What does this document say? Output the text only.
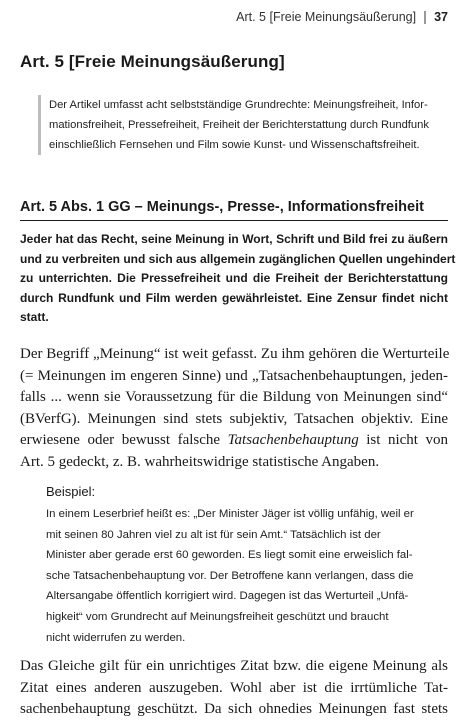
Art. 5 [Freie Meinungsäußerung] 37
Art. 5 [Freie Meinungsäußerung]
Der Artikel umfasst acht selbstständige Grundrechte: Meinungsfreiheit, Infor-
mationsfreiheit, Pressefreiheit, Freiheit der Berichterstattung durch Rundfunk
einschließlich Fernsehen und Film sowie Kunst- und Wissenschaftsfreiheit.
Art. 5 Abs. 1 GG – Meinungs-, Presse-, Informationsfreiheit
Jeder hat das Recht, seine Meinung in Wort, Schrift und Bild frei zu äußern
und zu verbreiten und sich aus allgemein zugänglichen Quellen ungehindert
zu unterrichten. Die Pressefreiheit und die Freiheit der Berichterstattung
durch Rundfunk und Film werden gewährleistet. Eine Zensur findet nicht
statt.
Der Begriff „Meinung“ ist weit gefasst. Zu ihm gehören die Werturteile
(= Meinungen im engeren Sinne) und „Tatsachenbehauptungen, jeden-
falls ... wenn sie Voraussetzung für die Bildung von Meinungen sind“
(BVerfG). Meinungen sind stets subjektiv, Tatsachen objektiv. Eine
erwiesene oder bewusst falsche Tatsachenbehauptung ist nicht von
Art. 5 gedeckt, z. B. wahrheitswidrige statistische Angaben.
Beispiel:
In einem Leserbrief heißt es: „Der Minister Jäger ist völlig unfähig, weil er
mit seinen 80 Jahren viel zu alt ist für sein Amt.“ Tatsächlich ist der
Minister aber gerade erst 60 geworden. Es liegt somit eine erweislich fal-
sche Tatsachenbehauptung vor. Der Betroffene kann verlangen, dass die
Altersangabe öffentlich korrigiert wird. Dagegen ist das Werturteil „Unfä-
higkeit“ vom Grundrecht auf Meinungsfreiheit geschützt und braucht
nicht widerrufen zu werden.
Das Gleiche gilt für ein unrichtiges Zitat bzw. die eigene Meinung als
Zitat eines anderen auszugeben. Wohl aber ist die irrtümliche Tat-
sachenbehauptung geschützt. Da sich ohnedies Meinungen fast stets
